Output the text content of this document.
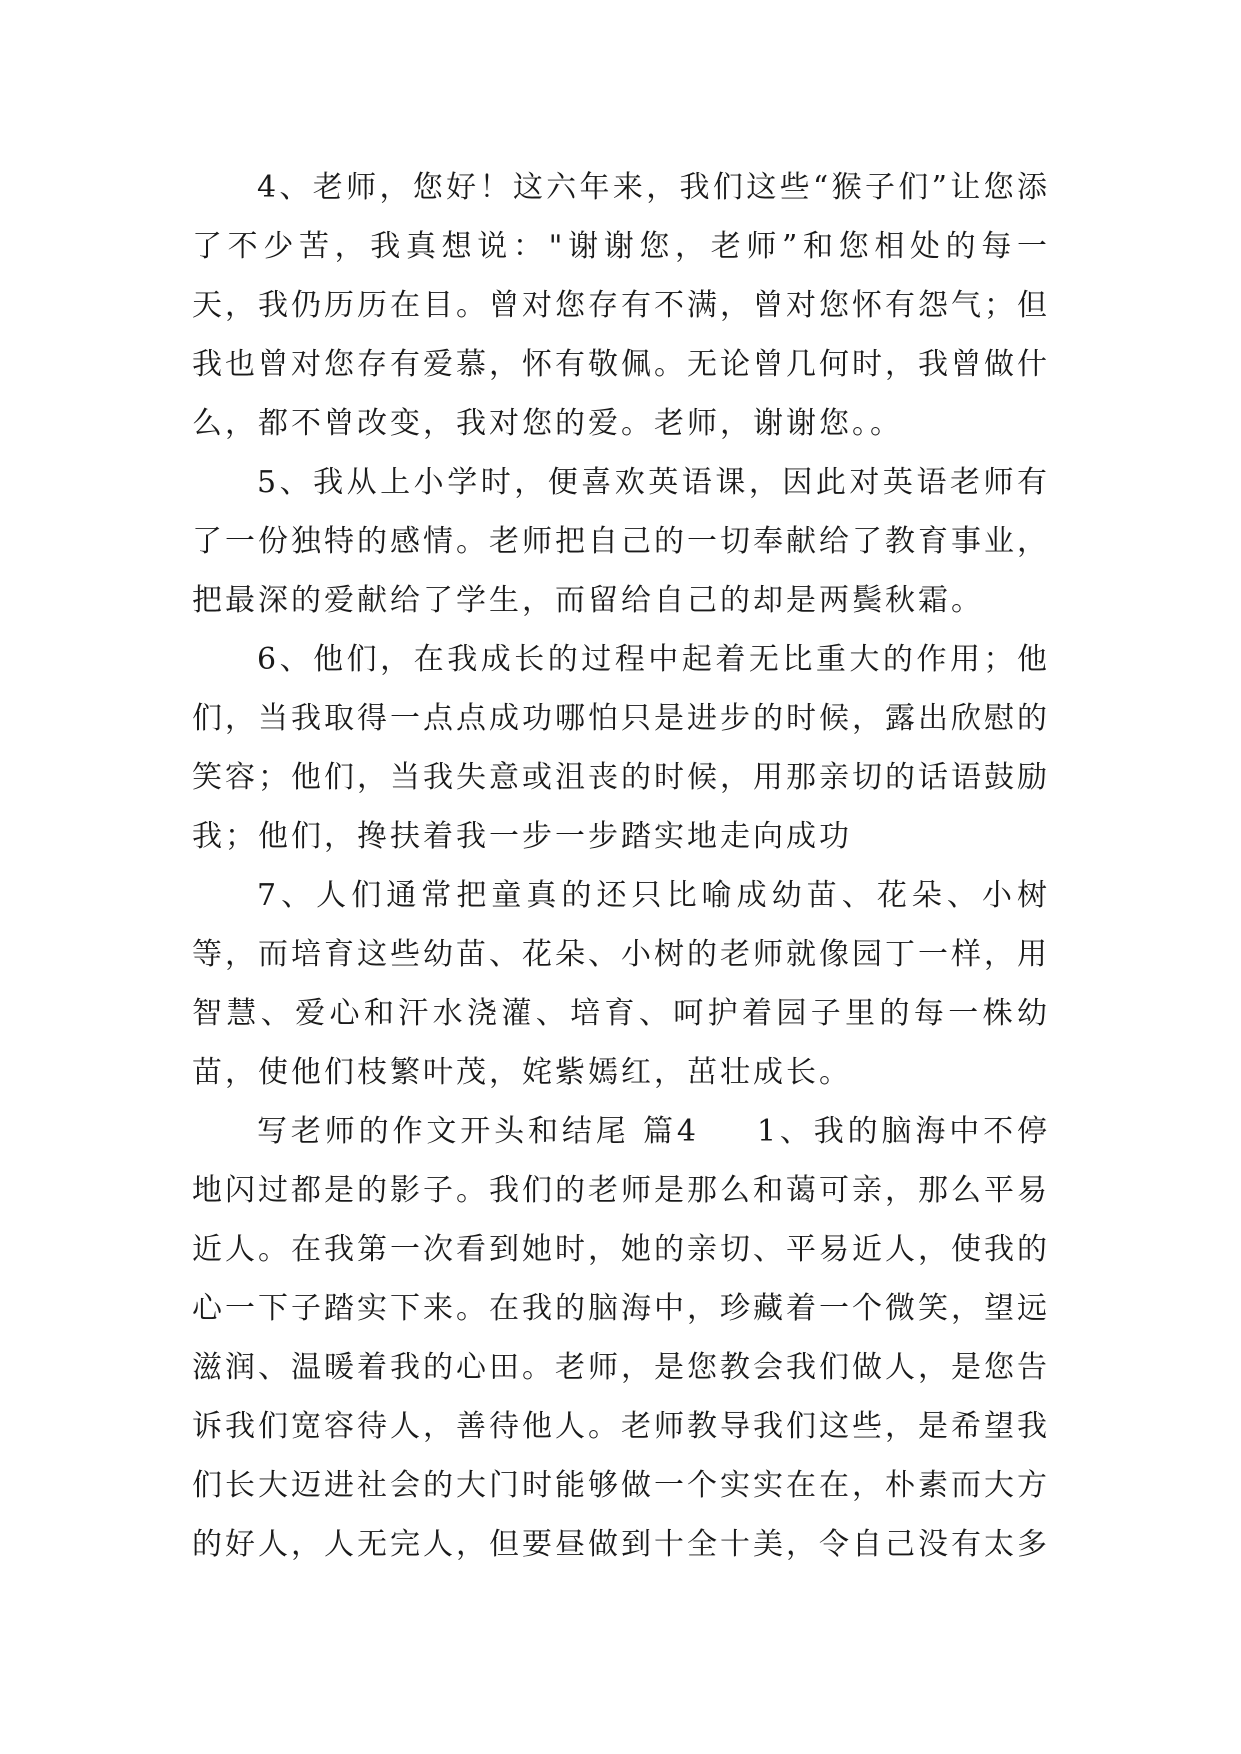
4、老师，您好！这六年来，我们这些“猴子们”让您添了不少苦，我真想说："谢谢您，老师”和您相处的每一天，我仍历历在目。曾对您存有不满，曾对您怀有怨气；但我也曾对您存有爱慕，怀有敬佩。无论曾几何时，我曾做什么，都不曾改变，我对您的爱。老师，谢谢您。。

5、我从上小学时，便喜欢英语课，因此对英语老师有了一份独特的感情。老师把自己的一切奉献给了教育事业，把最深的爱献给了学生，而留给自己的却是两鬓秋霜。

6、他们，在我成长的过程中起着无比重大的作用；他们，当我取得一点点成功哪怕只是进步的时候，露出欣慰的笑容；他们，当我失意或沮丧的时候，用那亲切的话语鼓励我；他们，搀扶着我一步一步踏实地走向成功

7、人们通常把童真的还只比喻成幼苗、花朵、小树等，而培育这些幼苗、花朵、小树的老师就像园丁一样，用智慧、爱心和汗水浇灌、培育、呵护着园子里的每一株幼苗，使他们枝繁叶茂，姹紫嫣红，茁壮成长。

写老师的作文开头和结尾 篇4 1、我的脑海中不停地闪过都是的影子。我们的老师是那么和蔼可亲，那么平易近人。在我第一次看到她时，她的亲切、平易近人，使我的心一下子踏实下来。在我的脑海中，珍藏着一个微笑，望远滋润、温暖着我的心田。老师，是您教会我们做人，是您告诉我们宽容待人，善待他人。老师教导我们这些，是希望我们长大迈进社会的大门时能够做一个实实在在，朴素而大方的好人，人无完人，但要昼做到十全十美，令自己没有太多
